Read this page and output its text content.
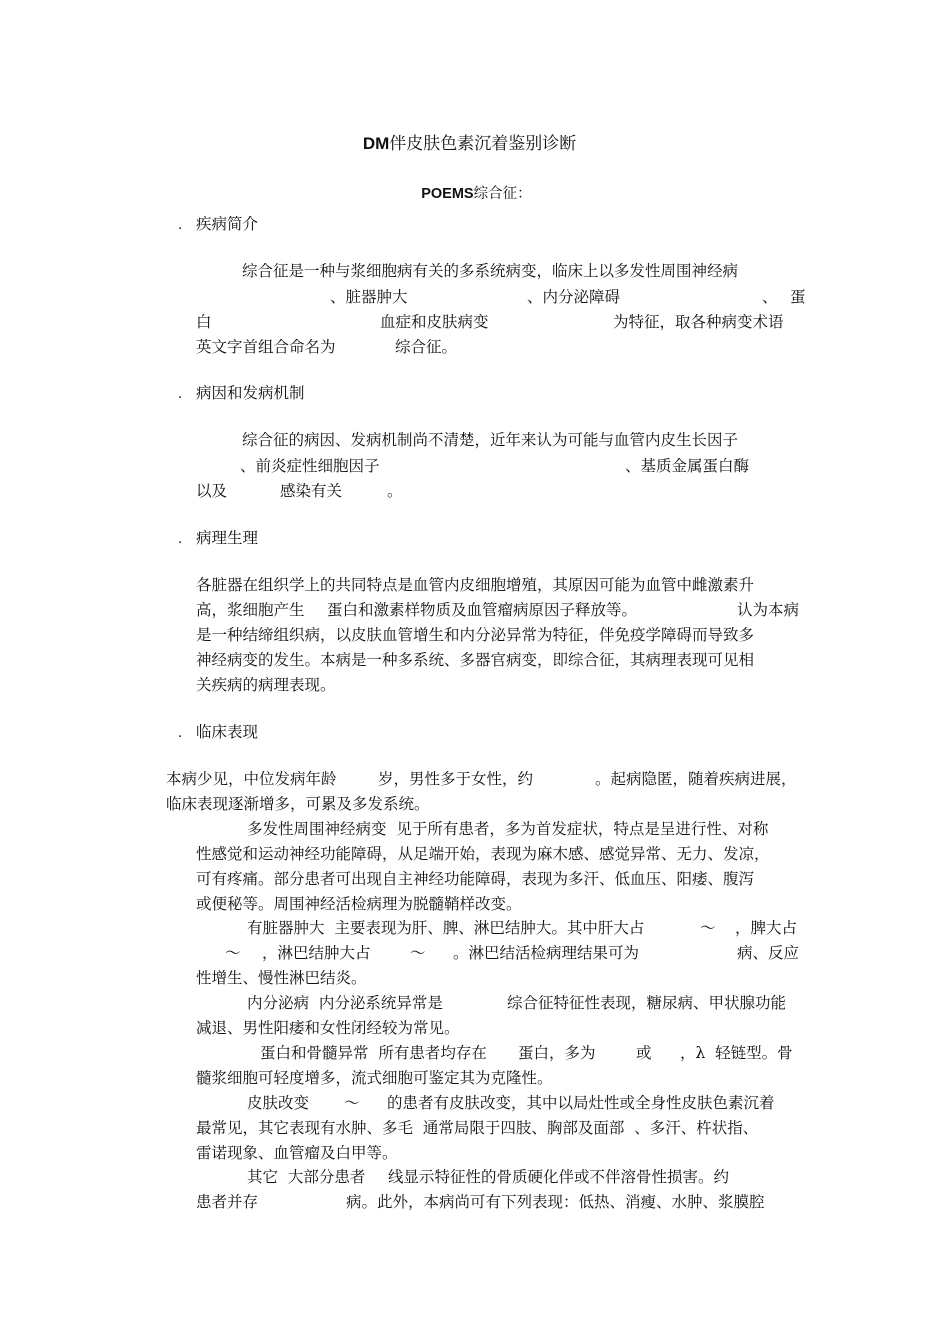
DM伴皮肤色素沉着鉴别诊断

POEMS综合征：

. 疾病简介
综合征是一种与浆细胞病有关的多系统病变，临床上以多发性周围神经病
、脏器肿大	、内分泌障碍	、 蛋
白	血症和皮肤病变	为特征，取各种病变术语
英文字首组合命名为	综合征。
. 病因和发病机制
综合征的病因、发病机制尚不清楚，近年来认为可能与血管内皮生长因子
、前炎症性细胞因子	、基质金属蛋白酶
以及	感染有关	。
. 病理生理
各脏器在组织学上的共同特点是血管内皮细胞增殖，其原因可能为血管中雌激素升
高，浆细胞产生 蛋白和激素样物质及血管瘤病原因子释放等。	认为本病
是一种结缔组织病，以皮肤血管增生和内分泌异常为特征，伴免疫学障碍而导致多
神经病变的发生。本病是一种多系统、多器官病变，即综合征，其病理表现可见相
关疾病的病理表现。
. 临床表现
本病少见，中位发病年龄	岁，男性多于女性，约	。起病隐匿，随着疾病进展，
临床表现逐渐增多，可累及多发系统。
多发性周围神经病变  见于所有患者，多为首发症状，特点是呈进行性、对称
性感觉和运动神经功能障碍，从足端开始，表现为麻木感、感觉异常、无力、发凉，
可有疼痛。部分患者可出现自主神经功能障碍，表现为多汗、低血压、阳痿、腹泻
或便秘等。周围神经活检病理为脱髓鞘样改变。
有脏器肿大  主要表现为肝、脾、淋巴结肿大。其中肝大占	～ ，脾大占
～ ，淋巴结肿大占	～ 。淋巴结活检病理结果可为	病、反应
性增生、慢性淋巴结炎。
内分泌病  内分泌系统异常是	综合征特征性表现，糖尿病、甲状腺功能
减退、男性阳痿和女性闭经较为常见。
蛋白和骨髓异常  所有患者均存在 蛋白，多为	或 ，λ  轻链型。骨
髓浆细胞可轻度增多，流式细胞可鉴定其为克隆性。
皮肤改变 ～ 的患者有皮肤改变，其中以局灶性或全身性皮肤色素沉着
最常见，其它表现有水肿、多毛  通常局限于四肢、胸部及面部  、多汗、杵状指、
雷诺现象、血管瘤及白甲等。
其它  大部分患者 线显示特征性的骨质硬化伴或不伴溶骨性损害。约
患者并存	病。此外，本病尚可有下列表现：低热、消瘦、水肿、浆膜腔
